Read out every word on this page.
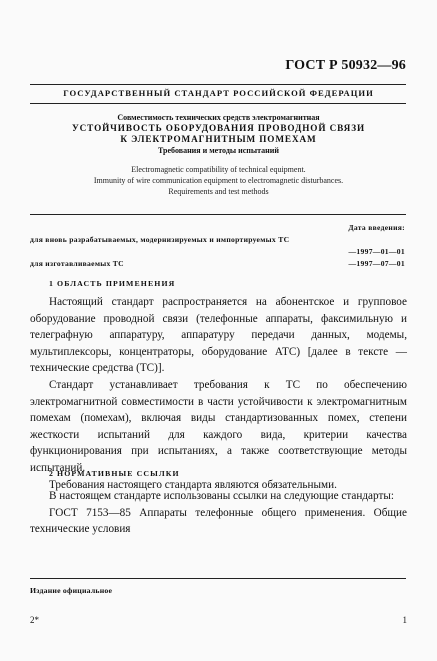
ГОСТ Р 50932—96
ГОСУДАРСТВЕННЫЙ СТАНДАРТ РОССИЙСКОЙ ФЕДЕРАЦИИ
Совместимость технических средств электромагнитная
УСТОЙЧИВОСТЬ ОБОРУДОВАНИЯ ПРОВОДНОЙ СВЯЗИ
К ЭЛЕКТРОМАГНИТНЫМ ПОМЕХАМ
Требования и методы испытаний
Electromagnetic compatibility of technical equipment.
Immunity of wire communication equipment to electromagnetic disturbances.
Requirements and test methods
Дата введения:
для вновь разрабатываемых, модернизируемых и импортируемых ТС
—1997—01—01
для изготавливаемых ТС	—1997—07—01
1 ОБЛАСТЬ ПРИМЕНЕНИЯ

Настоящий стандарт распространяется на абонентское и групповое оборудование проводной связи (телефонные аппараты, факсимильную и телеграфную аппаратуру, аппаратуру передачи данных, модемы, мультиплексоры, концентраторы, оборудование АТС) [далее в тексте — технические средства (ТС)].

Стандарт устанавливает требования к ТС по обеспечению электромагнитной совместимости в части устойчивости к электромагнитным помехам (помехам), включая виды стандартизованных помех, степени жесткости испытаний для каждого вида, критерии качества функционирования при испытаниях, а также соответствующие методы испытаний.

Требования настоящего стандарта являются обязательными.

2 НОРМАТИВНЫЕ ССЫЛКИ

В настоящем стандарте использованы ссылки на следующие стандарты:

ГОСТ 7153—85 Аппараты телефонные общего применения. Общие технические условия

Издание официальное
2*	1
